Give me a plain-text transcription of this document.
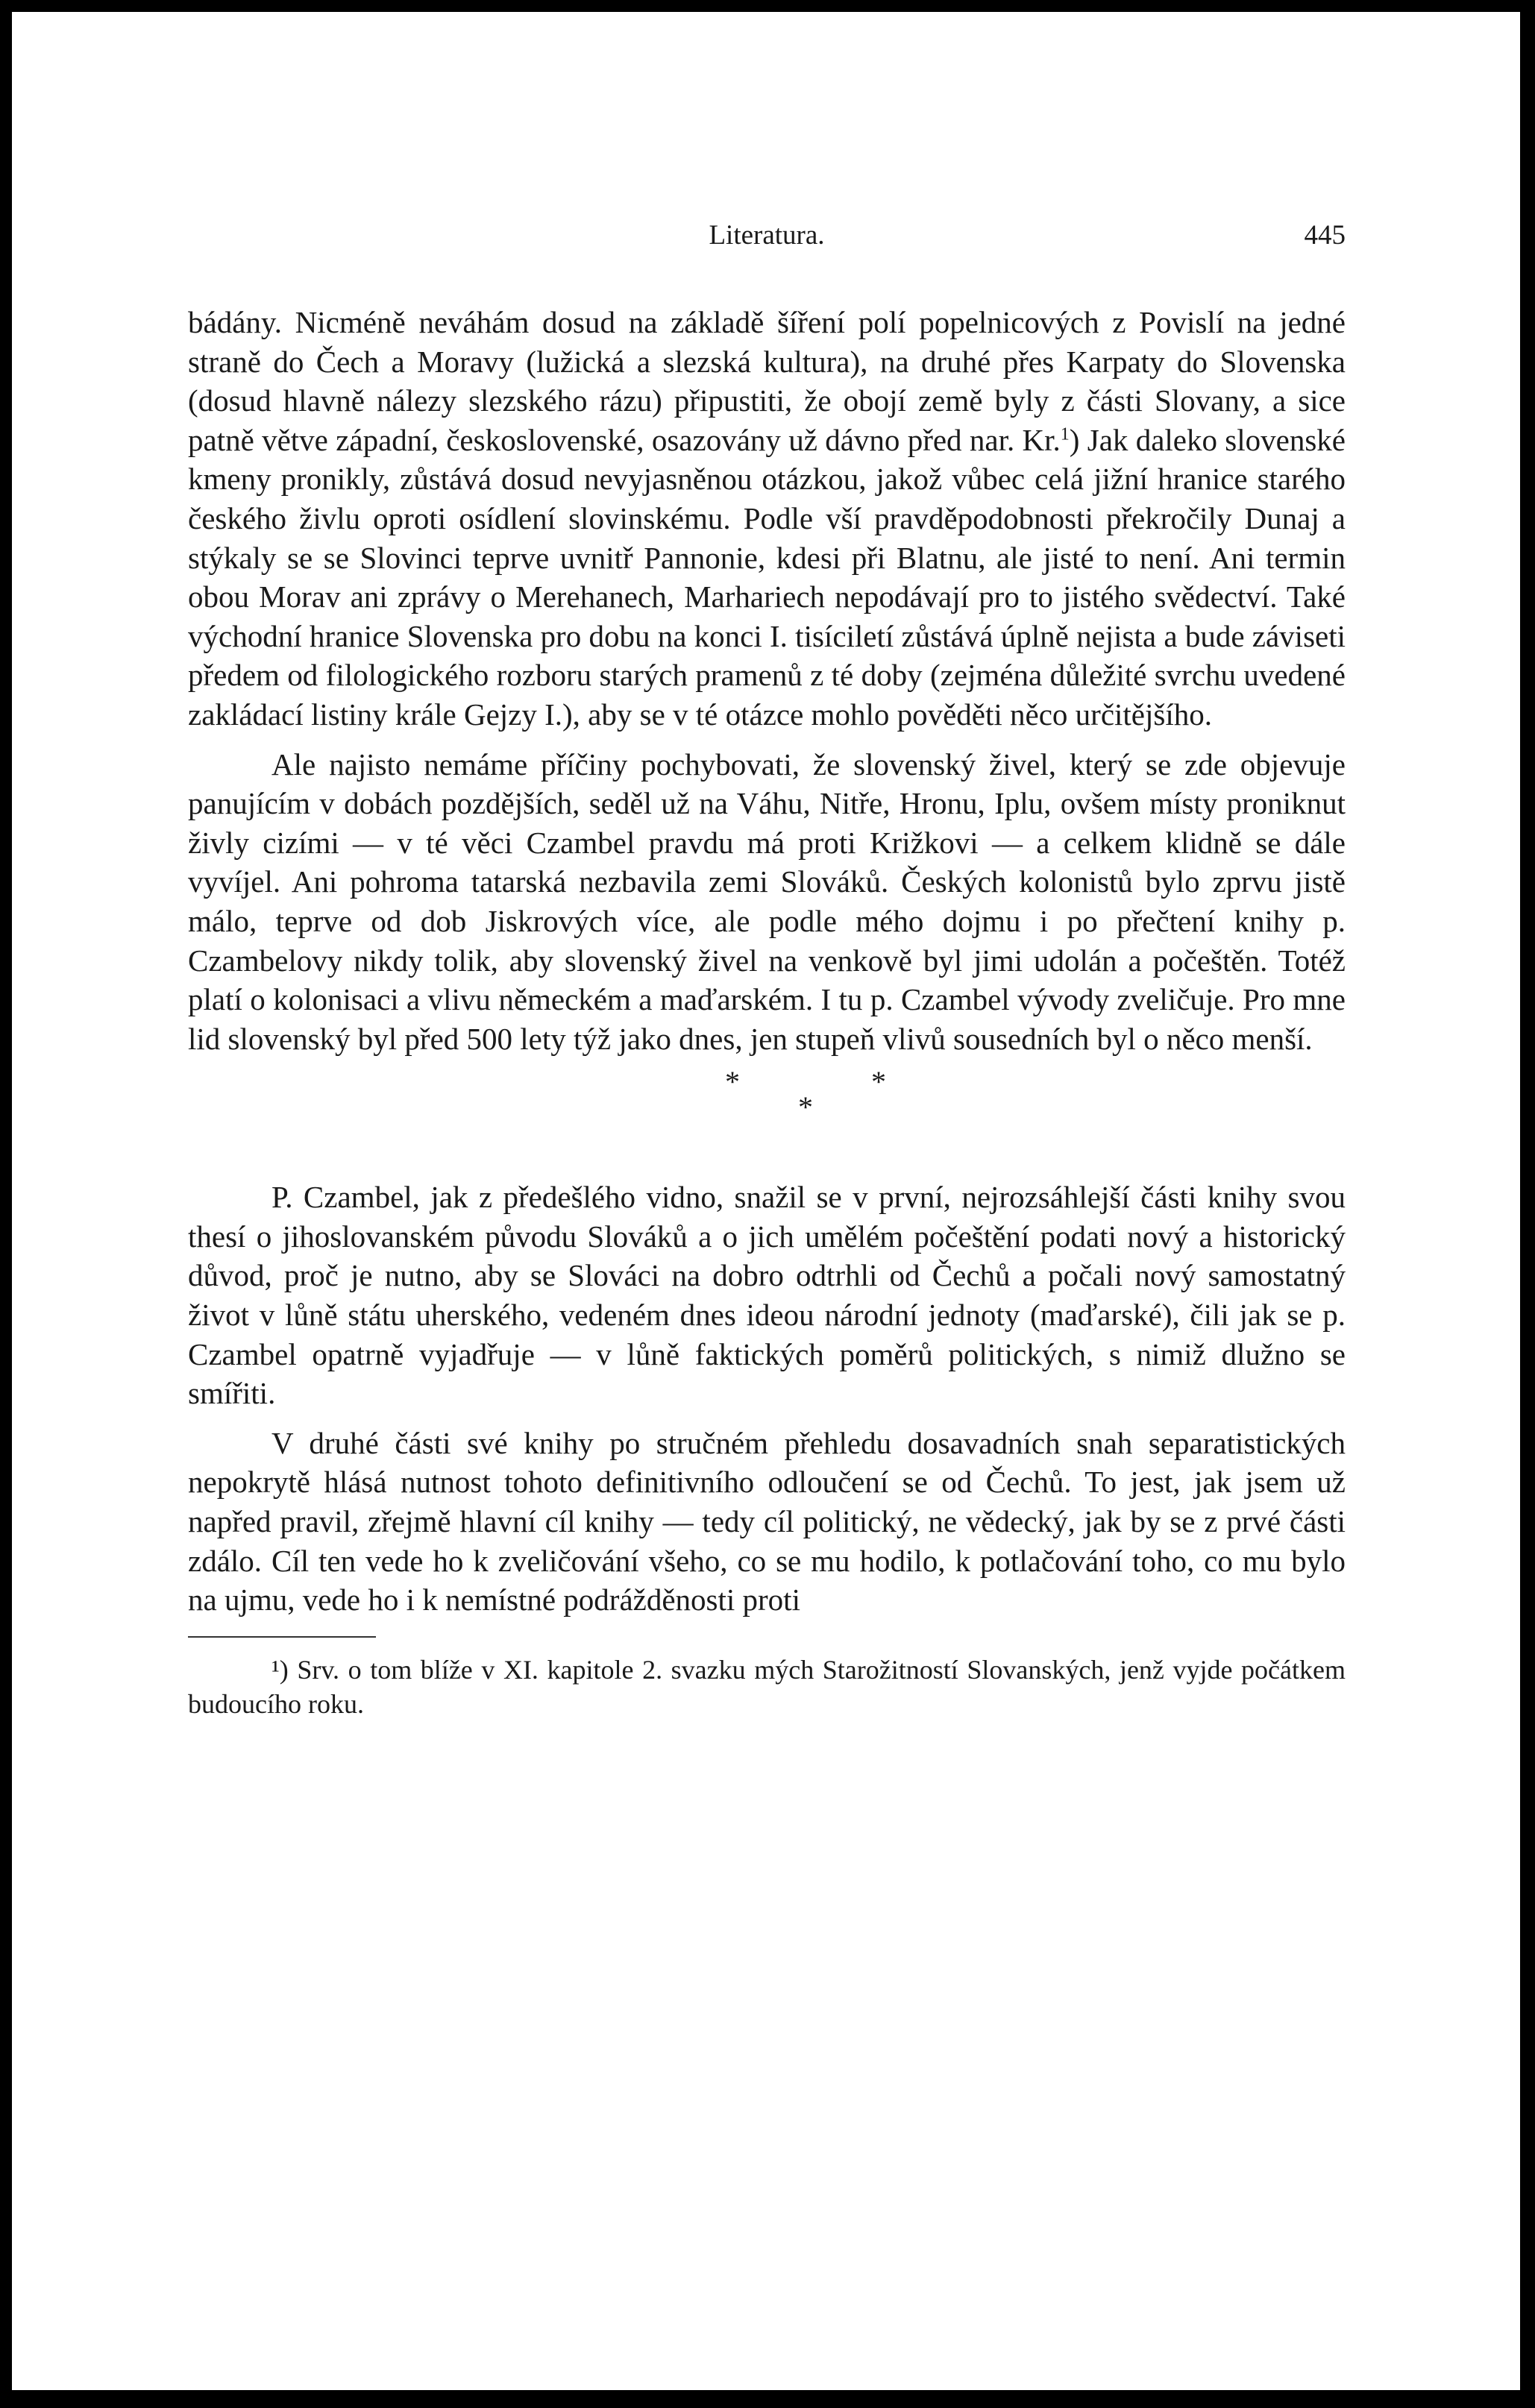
Literatura.	445

bádány. Nicméně neváhám dosud na základě šíření polí popelnicových z Povislí na jedné straně do Čech a Moravy (lužická a slezská kultura), na druhé přes Karpaty do Slovenska (dosud hlavně nálezy slezského rázu) připustiti, že obojí země byly z části Slovany, a sice patně větve západní, československé, osazovány už dávno před nar. Kr.$^1$) Jak daleko slovenské kmeny pronikly, zůstává dosud nevyjasněnou otázkou, jakož vůbec celá jižní hranice starého českého živlu oproti osídlení slovinskému. Podle vší pravděpodobnosti překročily Dunaj a stýkaly se se Slovinci teprve uvnitř Pannonie, kdesi při Blatnu, ale jisté to není. Ani termin obou Morav ani zprávy o Merehanech, Marhariech nepodávají pro to jistého svědectví. Také východní hranice Slovenska pro dobu na konci I. tisíciletí zůstává úplně nejista a bude záviseti předem od filologického rozboru starých pramenů z té doby (zejména důležité svrchu uvedené zakládací listiny krále Gejzy I.), aby se v té otázce mohlo pověděti něco určitějšího.

Ale najisto nemáme příčiny pochybovati, že slovenský živel, který se zde objevuje panujícím v dobách pozdějších, seděl už na Váhu, Nitře, Hronu, Iplu, ovšem místy proniknut živly cizími — v té věci Czambel pravdu má proti Križkovi — a celkem klidně se dále vyvíjel. Ani pohroma tatarská nezbavila zemi Slováků. Českých kolonistů bylo zprvu jistě málo, teprve od dob Jiskrových více, ale podle mého dojmu i po přečtení knihy p. Czambelovy nikdy tolik, aby slovenský živel na venkově byl jimi udolán a počeštěn. Totéž platí o kolonisaci a vlivu německém a maďarském. I tu p. Czambel vývody zveličuje. Pro mne lid slovenský byl před 500 lety týž jako dnes, jen stupeň vlivů sousedních byl o něco menší.

*	*
*

P. Czambel, jak z předešlého vidno, snažil se v první, nejrozsáhlejší části knihy svou thesí o jihoslovanském původu Slováků a o jich umělém počeštění podati nový a historický důvod, proč je nutno, aby se Slováci na dobro odtrhli od Čechů a počali nový samostatný život v lůně státu uherského, vedeném dnes ideou národní jednoty (maďarské), čili jak se p. Czambel opatrně vyjadřuje — v lůně faktických poměrů politických, s nimiž dlužno se smířiti.

V druhé části své knihy po stručném přehledu dosavadních snah separatistických nepokrytě hlásá nutnost tohoto definitivního odloučení se od Čechů. To jest, jak jsem už napřed pravil, zřejmě hlavní cíl knihy — tedy cíl politický, ne vědecký, jak by se z prvé části zdálo. Cíl ten vede ho k zveličování všeho, co se mu hodilo, k potlačování toho, co mu bylo na ujmu, vede ho i k nemístné podrážděnosti proti

¹) Srv. o tom blíže v XI. kapitole 2. svazku mých Starožitností Slovanských, jenž vyjde počátkem budoucího roku.
